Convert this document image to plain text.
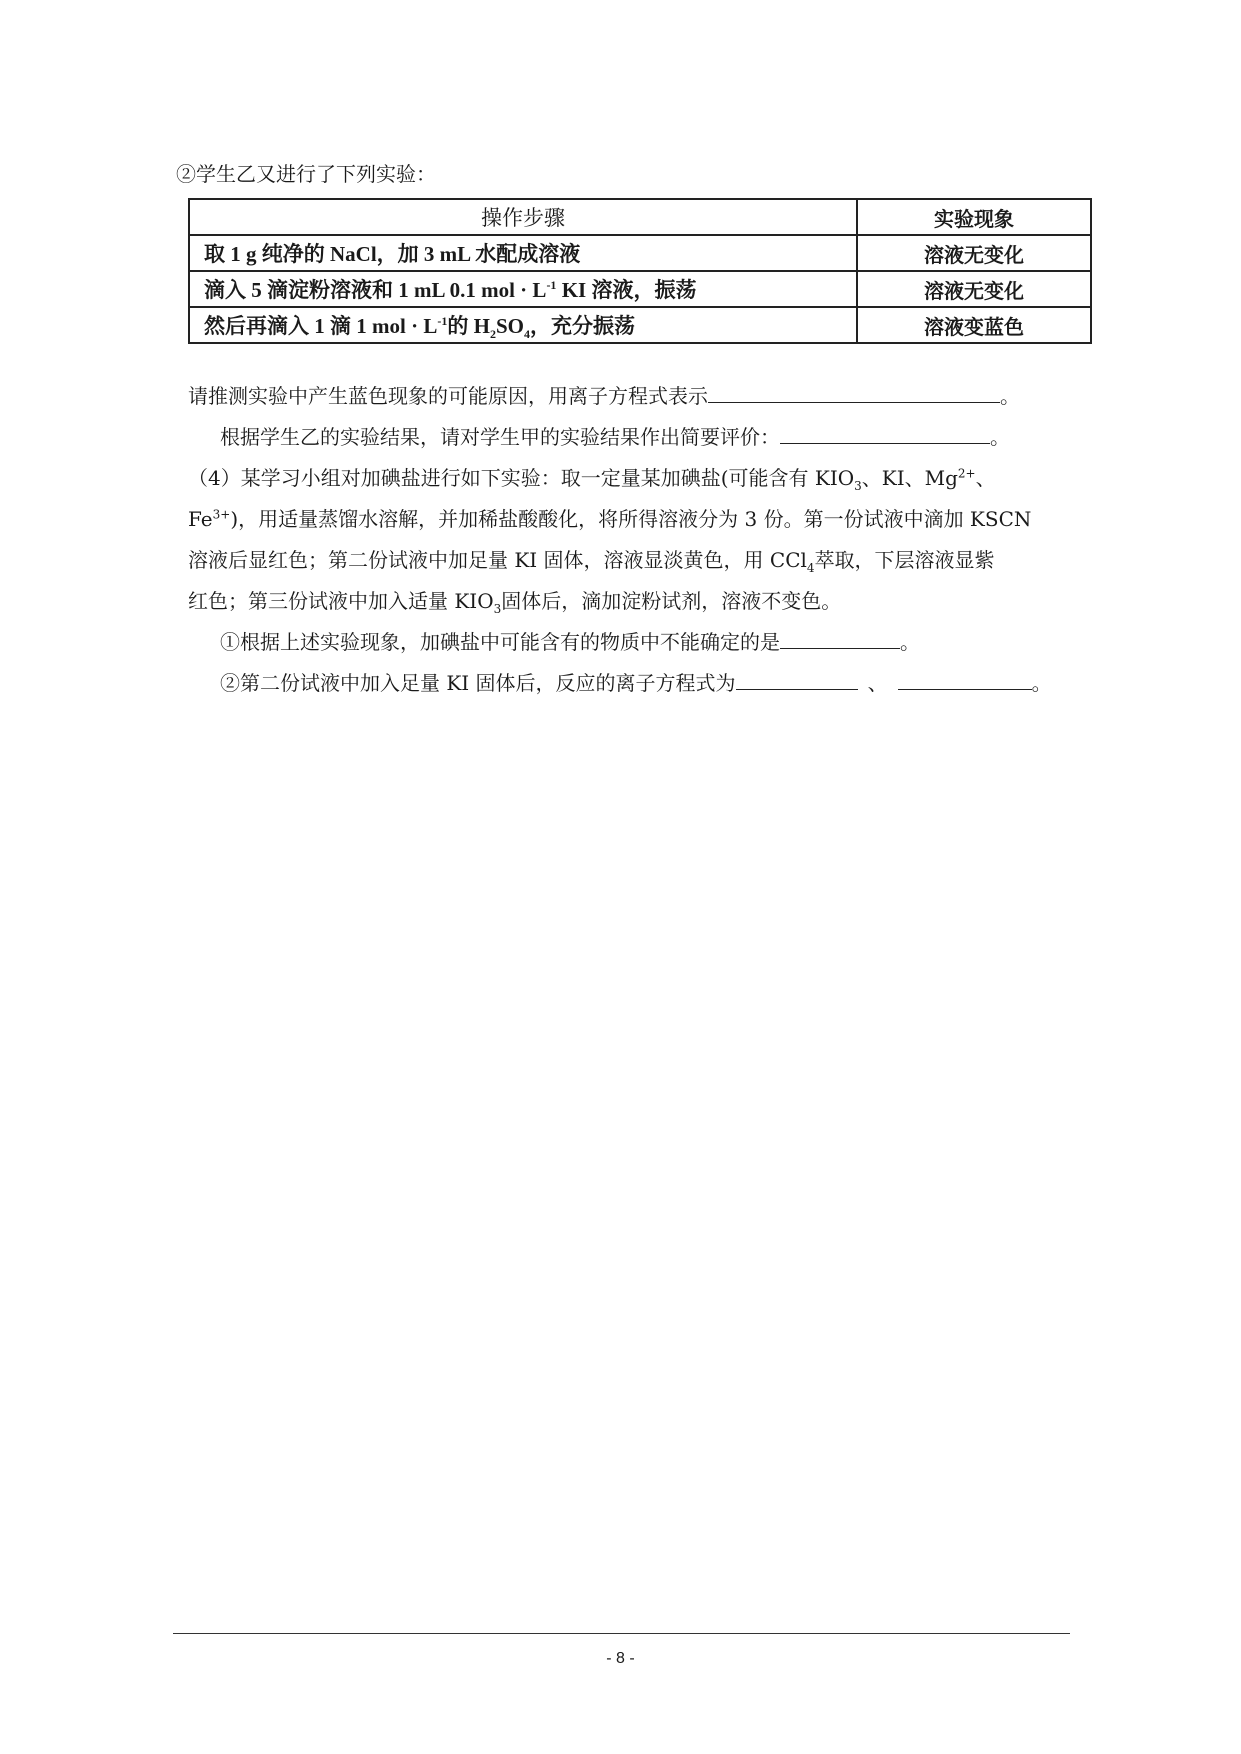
②学生乙又进行了下列实验：
操作步骤	实验现象
取 1 g 纯净的 NaCl，加 3 mL 水配成溶液	溶液无变化
滴入 5 滴淀粉溶液和 1 mL 0.1 mol · $L^{-1}$ KI 溶液，振荡	溶液无变化
然后再滴入 1 滴 1 mol · $L^{-1}$的 $H_2SO_4$，充分振荡	溶液变蓝色
请推测实验中产生蓝色现象的可能原因，用离子方程式表示	。
根据学生乙的实验结果，请对学生甲的实验结果作出简要评价：	。
（4）某学习小组对加碘盐进行如下实验：取一定量某加碘盐(可能含有 $KIO_3$、KI、$Mg^{2+}$、
$Fe^{3+}$)，用适量蒸馏水溶解，并加稀盐酸酸化，将所得溶液分为 3 份。第一份试液中滴加 KSCN
溶液后显红色；第二份试液中加足量 KI 固体，溶液显淡黄色，用 CCl$_4$萃取，下层溶液显紫
红色；第三份试液中加入适量 $KIO_3$固体后，滴加淀粉试剂，溶液不变色。
①根据上述实验现象，加碘盐中可能含有的物质中不能确定的是	。
②第二份试液中加入足量 KI 固体后，反应的离子方程式为	、	。
- 8 -
